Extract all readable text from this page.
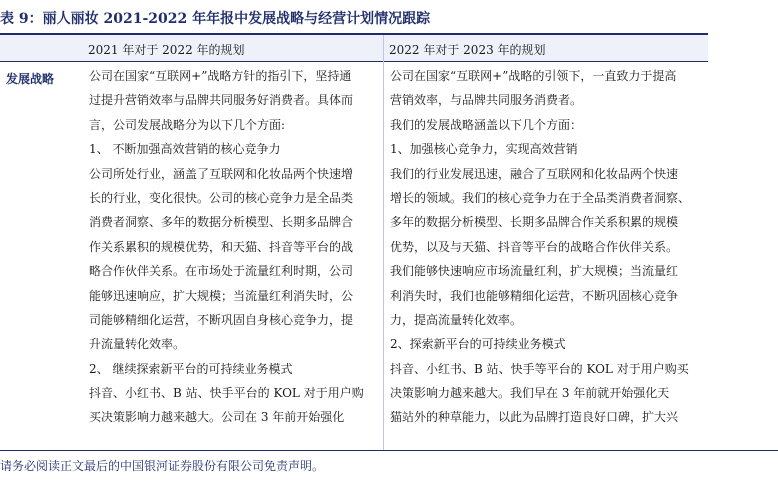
表 9：丽人丽妆 2021-2022 年年报中发展战略与经营计划情况跟踪
2021 年对于 2022 年的规划	2022 年对于 2023 年的规划
发展战略	公司在国家“互联网+”战略方针的指引下，坚持通
过提升营销效率与品牌共同服务好消费者。具体而
言，公司发展战略分为以下几个方面:
1、 不断加强高效营销的核心竞争力
公司所处行业，涵盖了互联网和化妆品两个快速增
长的行业，变化很快。公司的核心竞争力是全品类
消费者洞察、多年的数据分析模型、长期多品牌合
作关系累积的规模优势，和天猫、抖音等平台的战
略合作伙伴关系。在市场处于流量红利时期，公司
能够迅速响应，扩大规模；当流量红利消失时，公
司能够精细化运营，不断巩固自身核心竞争力，提
升流量转化效率。
2、 继续探索新平台的可持续业务模式
抖音、小红书、B 站、快手平台的 KOL 对于用户购
买决策影响力越来越大。公司在 3 年前开始强化
公司在国家“互联网+”战略的引领下，一直致力于提高
营销效率，与品牌共同服务消费者。
我们的发展战略涵盖以下几个方面：
1、加强核心竞争力，实现高效营销
我们的行业发展迅速，融合了互联网和化妆品两个快速
增长的领域。我们的核心竞争力在于全品类消费者洞察、
多年的数据分析模型、长期多品牌合作关系积累的规模
优势，以及与天猫、抖音等平台的战略合作伙伴关系。
我们能够快速响应市场流量红利，扩大规模；当流量红
利消失时，我们也能够精细化运营，不断巩固核心竞争
力，提高流量转化效率。
2、探索新平台的可持续业务模式
抖音、小红书、B 站、快手等平台的 KOL 对于用户购买
决策影响力越来越大。我们早在 3 年前就开始强化天
猫站外的种草能力，以此为品牌打造良好口碑，扩大兴
请务必阅读正文最后的中国银河证券股份有限公司免责声明。
